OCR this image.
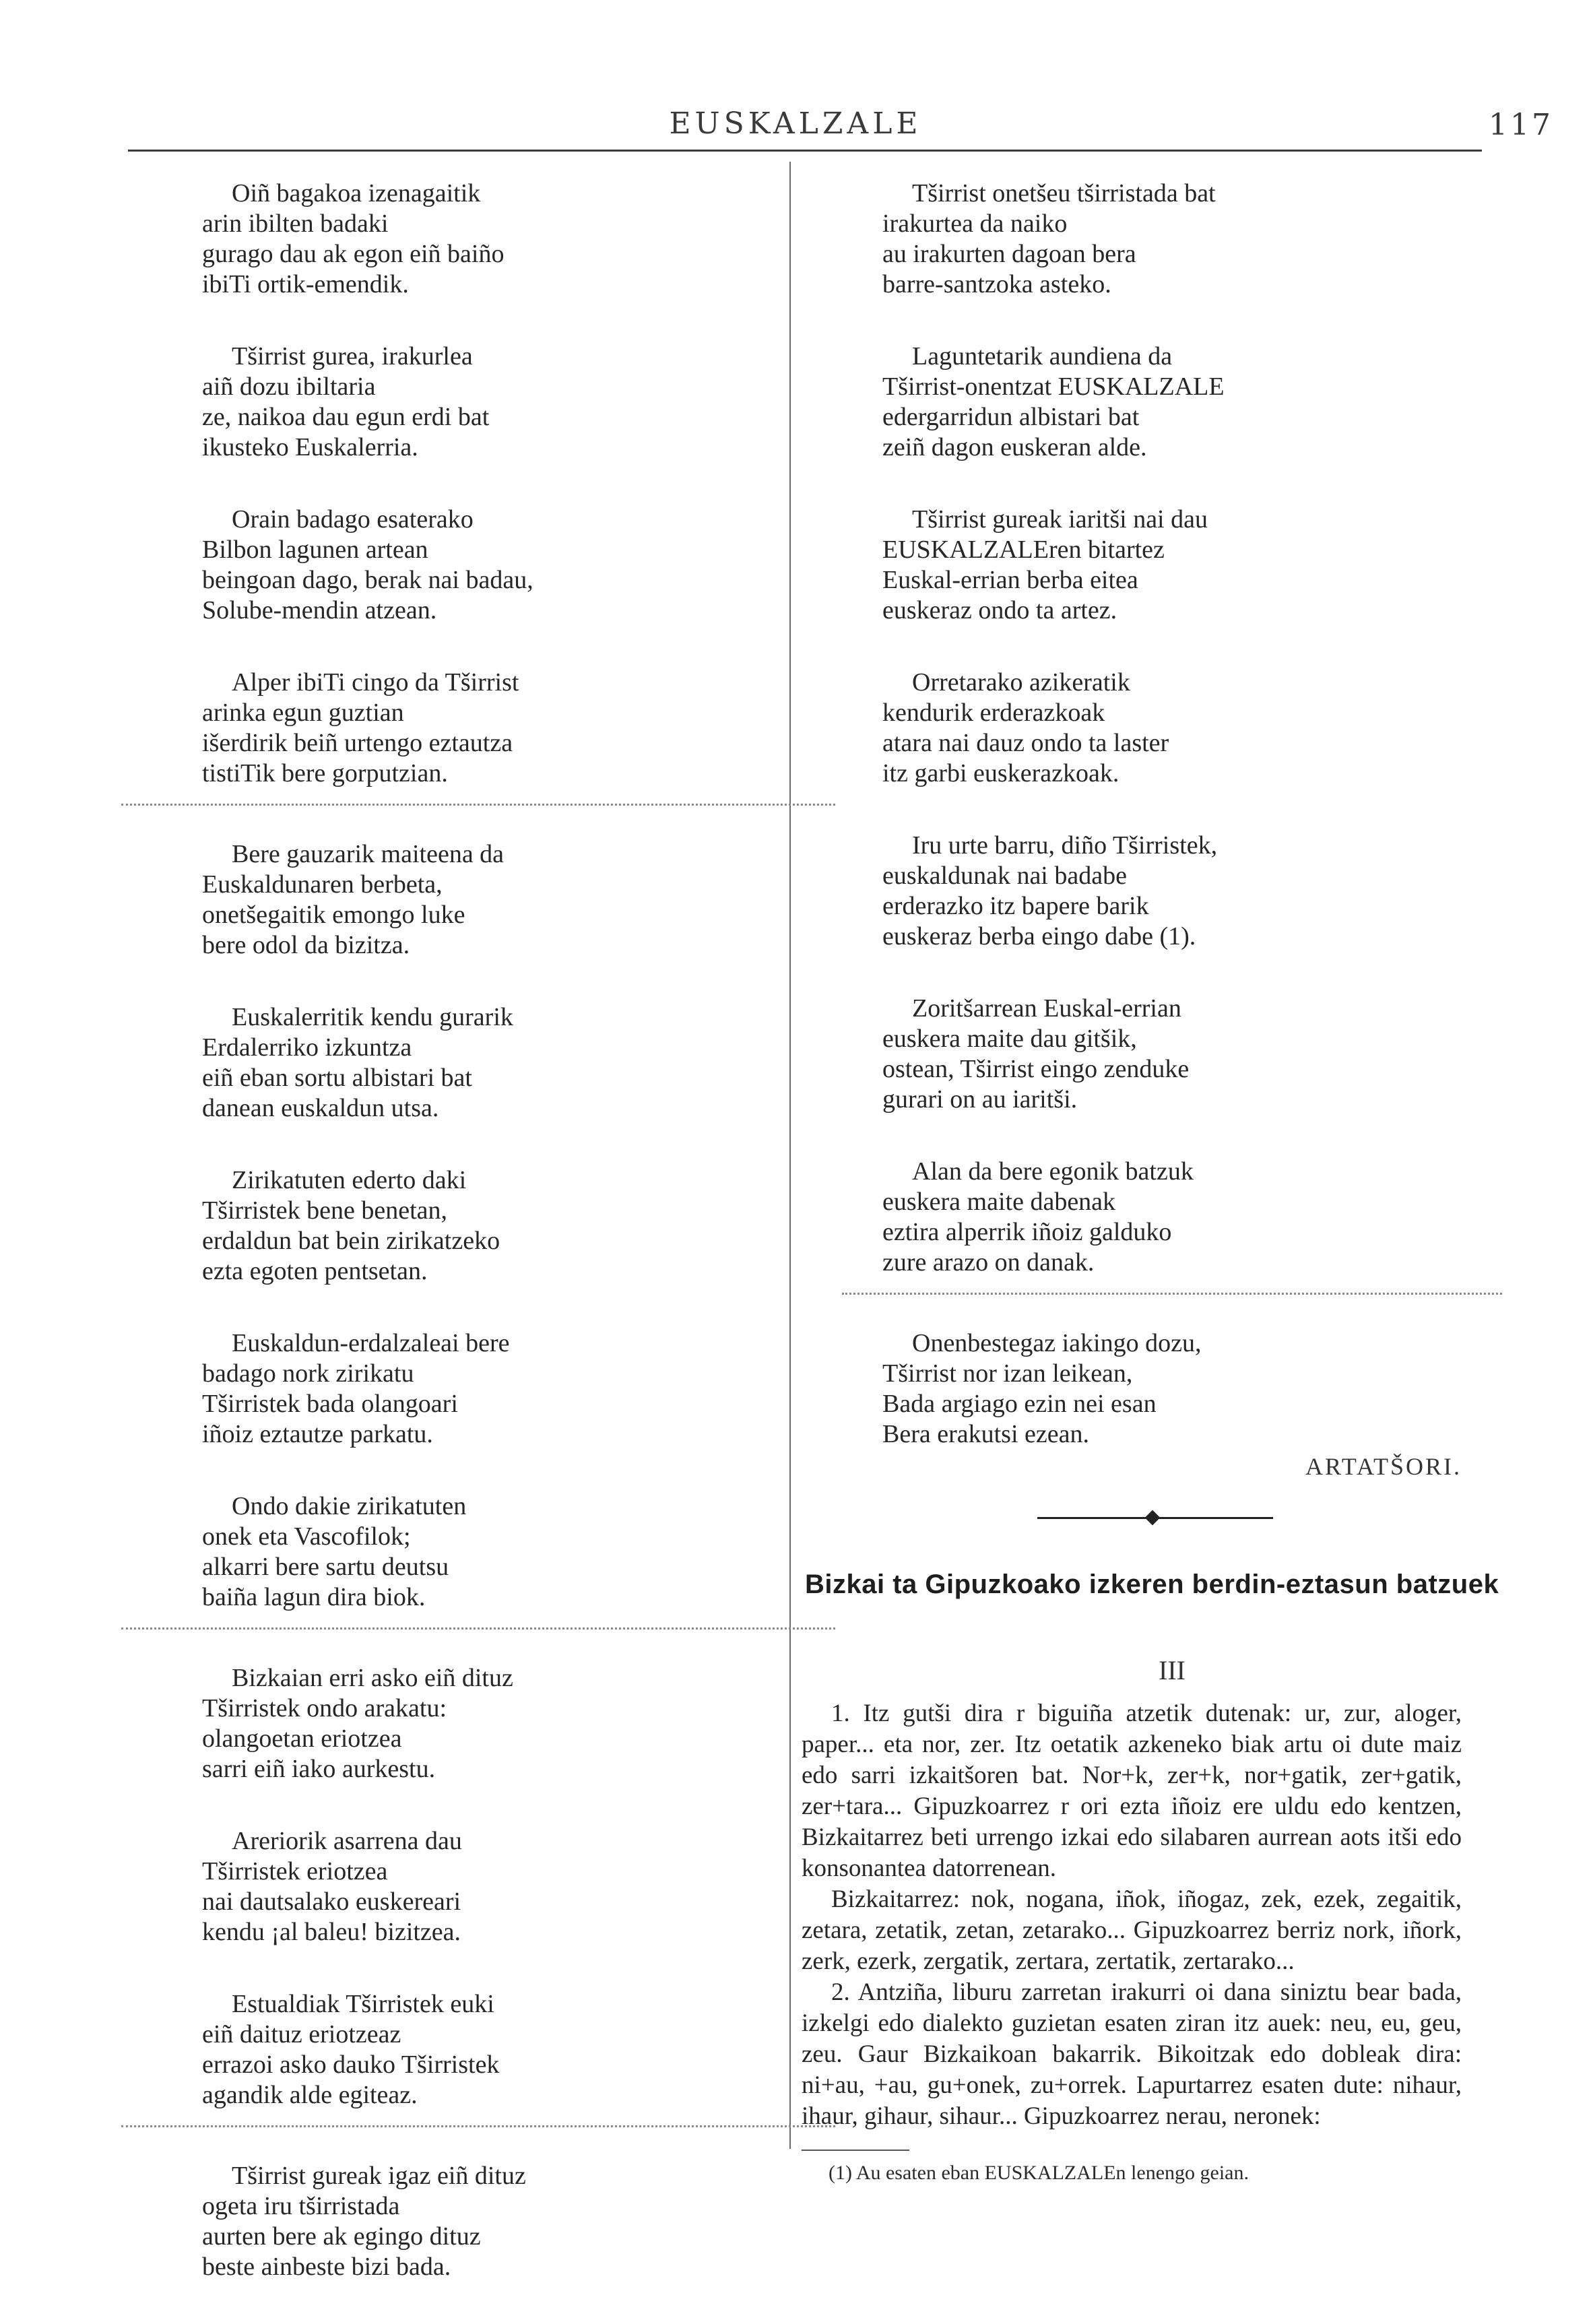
EUSKALZALE	117
Oiñ bagakoa izenagaitik
arin ibilten badaki
gurago dau ak egon eiñ baiño
ibiTi ortik-emendik.
Tširrist gurea, irakurlea
aiñ dozu ibiltaria
ze, naikoa dau egun erdi bat
ikusteko Euskalerria.
Orain badago esaterako
Bilbon lagunen artean
beingoan dago, berak nai badau,
Solube-mendin atzean.
Alper ibiTi cingo da Tširrist
arinka egun guztian
išerdirik beiñ urtengo eztautza
tistiTik bere gorputzian.
Bere gauzarik maiteena da
Euskaldunaren berbeta,
onetšegaitik emongo luke
bere odol da bizitza.
Euskalerritik kendu gurarik
Erdalerriko izkuntza
eiñ eban sortu albistari bat
danean euskaldun utsa.
Zirikatuten ederto daki
Tširristek bene benetan,
erdaldun bat bein zirikatzeko
ezta egoten pentsetan.
Euskaldun-erdalzaleai bere
badago nork zirikatu
Tširristek bada olangoari
iñoiz eztautze parkatu.
Ondo dakie zirikatuten
onek eta Vascofilok;
alkarri bere sartu deutsu
baiña lagun dira biok.
Bizkaian erri asko eiñ dituz
Tširristek ondo arakatu:
olangoetan eriotzea
sarri eiñ iako aurkestu.
Areriorik asarrena dau
Tširristek eriotzea
nai dautsalako euskereari
kendu ¡al baleu! bizitzea.
Estualdiak Tširristek euki
eiñ daituz eriotzeaz
errazoi asko dauko Tširristek
agandik alde egiteaz.
Tširrist gureak igaz eiñ dituz
ogeta iru tširristada
aurten bere ak egingo dituz
beste ainbeste bizi bada.
Tširrist onetšeu tširristada bat
irakurtea da naiko
au irakurten dagoan bera
barre-santzoka asteko.
Laguntetarik aundiena da
Tširrist-onentzat EUSKALZALE
edergarridun albistari bat
zeiñ dagon euskeran alde.
Tširrist gureak iaritši nai dau
EUSKALZALEren bitartez
Euskal-errian berba eitea
euskeraz ondo ta artez.
Orretarako azikeratik
kendurik erderazkoak
atara nai dauz ondo ta laster
itz garbi euskerazkoak.
Iru urte barru, diño Tširristek,
euskaldunak nai badabe
erderazko itz bapere barik
euskeraz berba eingo dabe (1).
Zoritšarrean Euskal-errian
euskera maite dau gitšik,
ostean, Tširrist eingo zenduke
gurari on au iaritši.
Alan da bere egonik batzuk
euskera maite dabenak
eztira alperrik iñoiz galduko
zure arazo on danak.
Onenbestegaz iakingo dozu,
Tširrist nor izan leikean,
Bada argiago ezin nei esan
Bera erakutsi ezean.
ARTATŠORI.
Bizkai ta Gipuzkoako izkeren berdin-eztasun batzuek
III

1. Itz gutši dira r biguiña atzetik dutenak: ur, zur, aloger, paper... eta nor, zer. Itz oetatik azkeneko biak artu oi dute maiz edo sarri izkaitšoren bat. Nor+k, zer+k, nor+gatik, zer+gatik, zer+tara... Gipuzkoarrez r ori ezta iñoiz ere uldu edo kentzen, Bizkaitarrez beti urrengo izkai edo silabaren aurrean aots itši edo konsonantea datorrenean.

Bizkaitarrez: nok, nogana, iñok, iñogaz, zek, ezek, zegaitik, zetara, zetatik, zetan, zetarako... Gipuzkoarrez berriz nork, iñork, zerk, ezerk, zergatik, zertara, zertatik, zertarako...

2. Antziña, liburu zarretan irakurri oi dana siniztu bear bada, izkelgi edo dialekto guzietan esaten ziran itz auek: neu, eu, geu, zeu. Gaur Bizkaikoan bakarrik. Bikoitzak edo dobleak dira: ni+au, +au, gu+onek, zu+orrek. Lapurtarrez esaten dute: nihaur, ihaur, gihaur, sihaur... Gipuzkoarrez nerau, neronek:

(1) Au esaten eban EUSKALZALEn lenengo geian.
